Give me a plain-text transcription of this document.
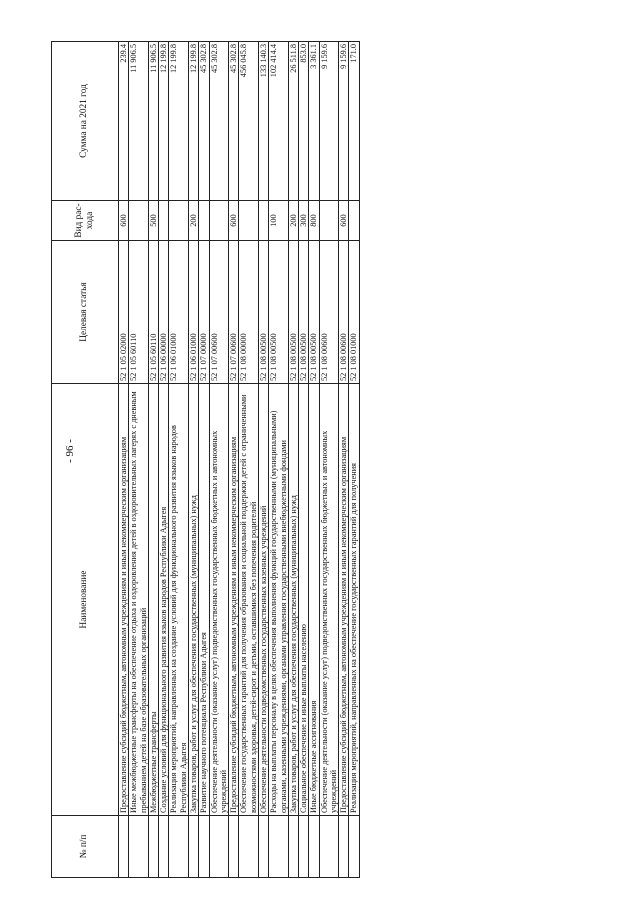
- 96 -
№ п/п	Наименование	Целевая статья	Вид рас- хода	Сумма на 2021 год
	Предоставление субсидий бюджетным, автономным учреждениям и иным некоммерческим организациям	52 1 05 02000	600	239.4
	Иные межбюджетные трансферты на обеспечение отдыха и оздоровления детей в оздоровительных лагерях с дневным пребыванием детей на базе образовательных организаций	52 1 05 60110		11 906.5
	Межбюджетные трансферты	52 1 05 60110	500	11 906.5
	Создание условий для функционального развития языков народов Республики Адыгея	52 1 06 00000		12 199.8
	Реализация мероприятий, направленных на создание условий для функционального развития языков народов Республики Адыгея	52 1 06 01000		12 199.8
	Закупка товаров, работ и услуг для обеспечения государственных (муниципальных) нужд	52 1 06 01000	200	12 199.8
	Развитие научного потенциала Республики Адыгея	52 1 07 00000		45 302.8
	Обеспечение деятельности (оказание услуг) подведомственных государственных бюджетных и автономных учреждений	52 1 07 00600		45 302.8
	Предоставление субсидий бюджетным, автономным учреждениям и иным некоммерческим организациям	52 1 07 00600	600	45 302.8
	Обеспечение государственных гарантий для получения образования и социальной поддержки детей с ограниченными возможностями здоровья, детей-сирот и детьми, оставшимися без попечения родителей	52 1 08 00000		456 045.8
	Обеспечение деятельности подведомственных государственных казенных учреждений	52 1 08 00500		133 140.3
	Расходы на выплаты персоналу в целях обеспечения выполнения функций государственными (муниципальными) органами, казенными учреждениями, органами управления государственными внебюджетными фондами	52 1 08 00500	100	102 414.4
	Закупка товаров, работ и услуг для обеспечения государственных (муниципальных) нужд	52 1 08 00500	200	26 511.8
	Социальное обеспечение и иные выплаты населению	52 1 08 00500	300	853.0
	Иные бюджетные ассигнования	52 1 08 00500	800	3 361.1
	Обеспечение деятельности (оказание услуг) подведомственных государственных бюджетных и автономных учреждений	52 1 08 00600		9 159.6
	Предоставление субсидий бюджетным, автономным учреждениям и иным некоммерческим организациям	52 1 08 00600	600	9 159.6
	Реализация мероприятий, направленных на обеспечение государственных гарантий для получения	52 1 08 01000		171.0
